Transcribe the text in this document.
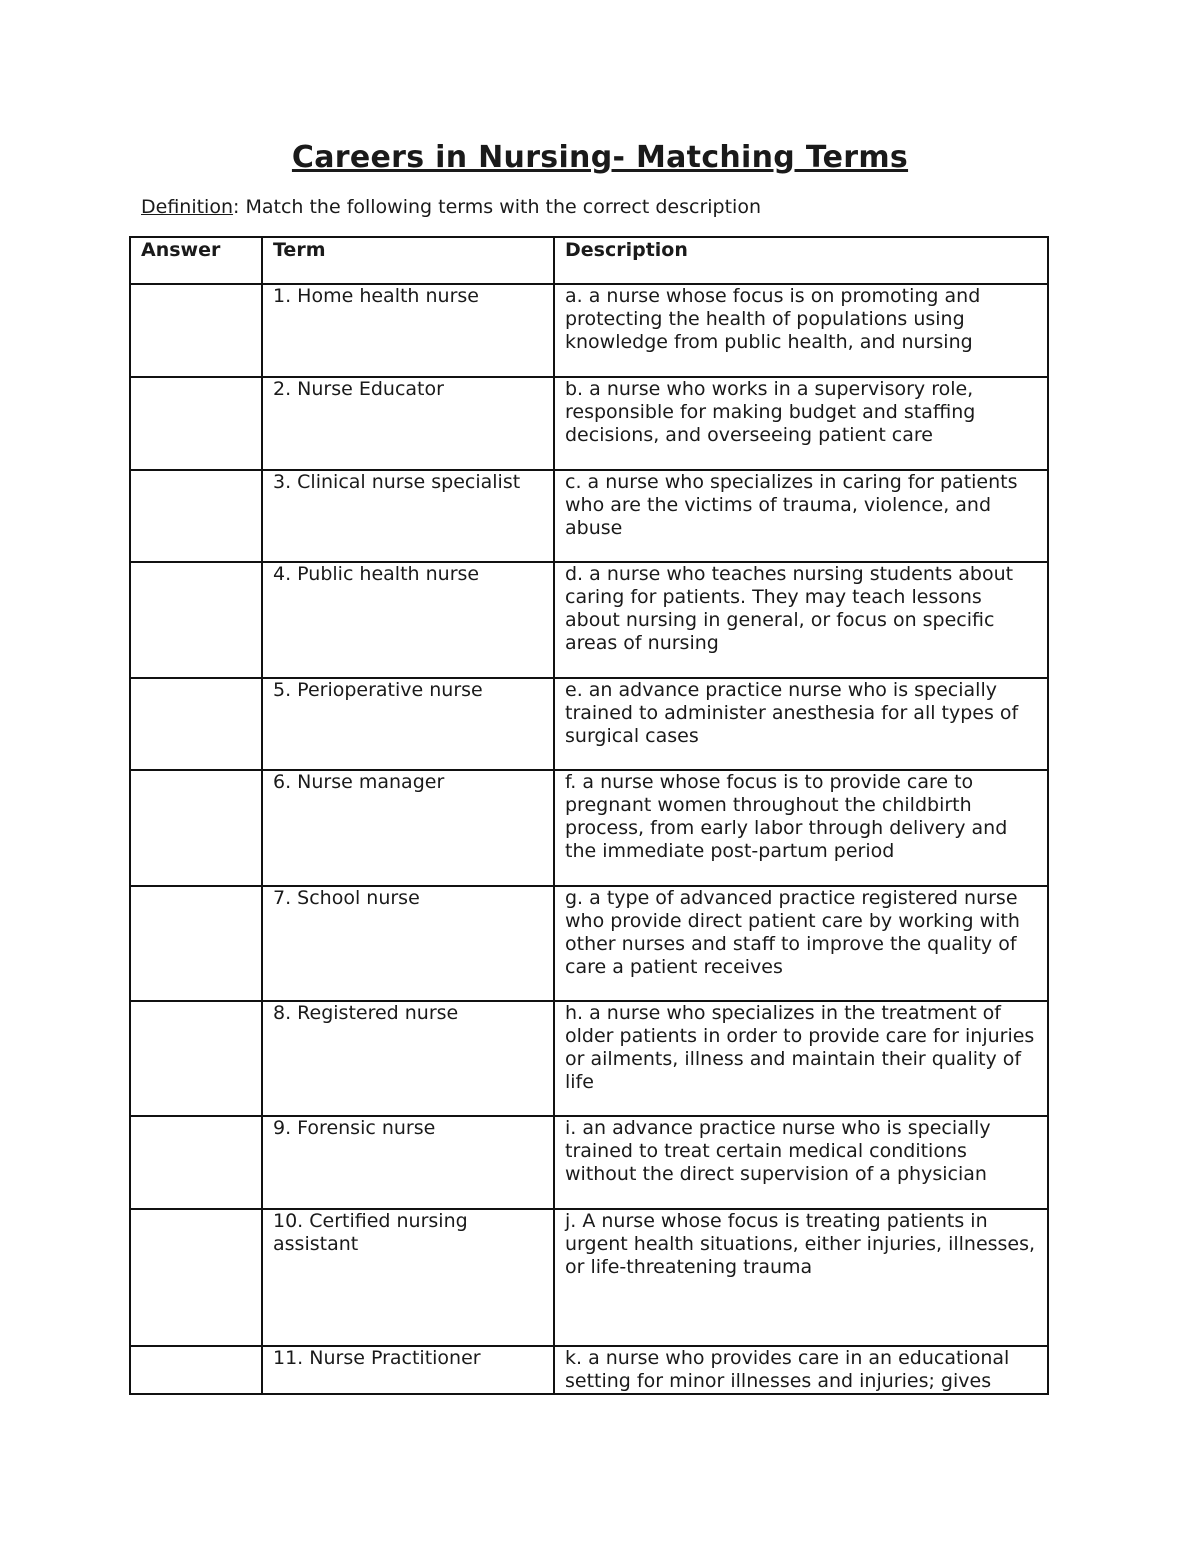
Careers in Nursing- Matching Terms

Definition: Match the following terms with the correct description

Answer	Term	Description
	1. Home health nurse	a. a nurse whose focus is on promoting and protecting the health of populations using knowledge from public health, and nursing
	2. Nurse Educator	b. a nurse who works in a supervisory role, responsible for making budget and staffing decisions, and overseeing patient care
	3. Clinical nurse specialist	c. a nurse who specializes in caring for patients who are the victims of trauma, violence, and abuse
	4. Public health nurse	d. a nurse who teaches nursing students about caring for patients. They may teach lessons about nursing in general, or focus on specific areas of nursing
	5. Perioperative nurse	e. an advance practice nurse who is specially trained to administer anesthesia for all types of surgical cases
	6. Nurse manager	f. a nurse whose focus is to provide care to pregnant women throughout the childbirth process, from early labor through delivery and the immediate post-partum period
	7. School nurse	g. a type of advanced practice registered nurse who provide direct patient care by working with other nurses and staff to improve the quality of care a patient receives
	8. Registered nurse	h. a nurse who specializes in the treatment of older patients in order to provide care for injuries or ailments, illness and maintain their quality of life
	9. Forensic nurse	i. an advance practice nurse who is specially trained to treat certain medical conditions without the direct supervision of a physician
	10. Certified nursing assistant	j. A nurse whose focus is treating patients in urgent health situations, either injuries, illnesses, or life-threatening trauma
	11. Nurse Practitioner	k. a nurse who provides care in an educational setting for minor illnesses and injuries; gives
